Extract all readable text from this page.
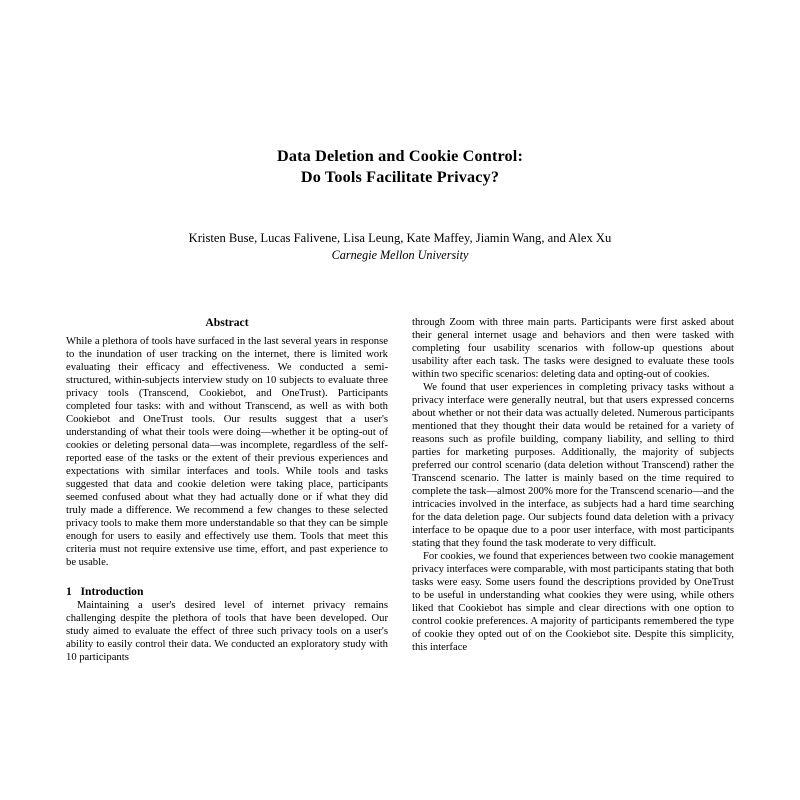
Data Deletion and Cookie Control:
Do Tools Facilitate Privacy?

Kristen Buse, Lucas Falivene, Lisa Leung, Kate Maffey, Jiamin Wang, and Alex Xu

Carnegie Mellon University

Abstract

While a plethora of tools have surfaced in the last several years in response to the inundation of user tracking on the internet, there is limited work evaluating their efficacy and effectiveness. We conducted a semi-structured, within-subjects interview study on 10 subjects to evaluate three privacy tools (Transcend, Cookiebot, and OneTrust). Participants completed four tasks: with and without Transcend, as well as with both Cookiebot and OneTrust tools. Our results suggest that a user's understanding of what their tools were doing—whether it be opting-out of cookies or deleting personal data—was incomplete, regardless of the self-reported ease of the tasks or the extent of their previous experiences and expectations with similar interfaces and tools. While tools and tasks suggested that data and cookie deletion were taking place, participants seemed confused about what they had actually done or if what they did truly made a difference. We recommend a few changes to these selected privacy tools to make them more understandable so that they can be simple enough for users to easily and effectively use them. Tools that meet this criteria must not require extensive use time, effort, and past experience to be usable.

1 Introduction

Maintaining a user's desired level of internet privacy remains challenging despite the plethora of tools that have been developed. Our study aimed to evaluate the effect of three such privacy tools on a user's ability to easily control their data. We conducted an exploratory study with 10 participants

through Zoom with three main parts. Participants were first asked about their general internet usage and behaviors and then were tasked with completing four usability scenarios with follow-up questions about usability after each task. The tasks were designed to evaluate these tools within two specific scenarios: deleting data and opting-out of cookies.

We found that user experiences in completing privacy tasks without a privacy interface were generally neutral, but that users expressed concerns about whether or not their data was actually deleted. Numerous participants mentioned that they thought their data would be retained for a variety of reasons such as profile building, company liability, and selling to third parties for marketing purposes. Additionally, the majority of subjects preferred our control scenario (data deletion without Transcend) rather the Transcend scenario. The latter is mainly based on the time required to complete the task—almost 200% more for the Transcend scenario—and the intricacies involved in the interface, as subjects had a hard time searching for the data deletion page. Our subjects found data deletion with a privacy interface to be opaque due to a poor user interface, with most participants stating that they found the task moderate to very difficult.

For cookies, we found that experiences between two cookie management privacy interfaces were comparable, with most participants stating that both tasks were easy. Some users found the descriptions provided by OneTrust to be useful in understanding what cookies they were using, while others liked that Cookiebot has simple and clear directions with one option to control cookie preferences. A majority of participants remembered the type of cookie they opted out of on the Cookiebot site. Despite this simplicity, this interface
